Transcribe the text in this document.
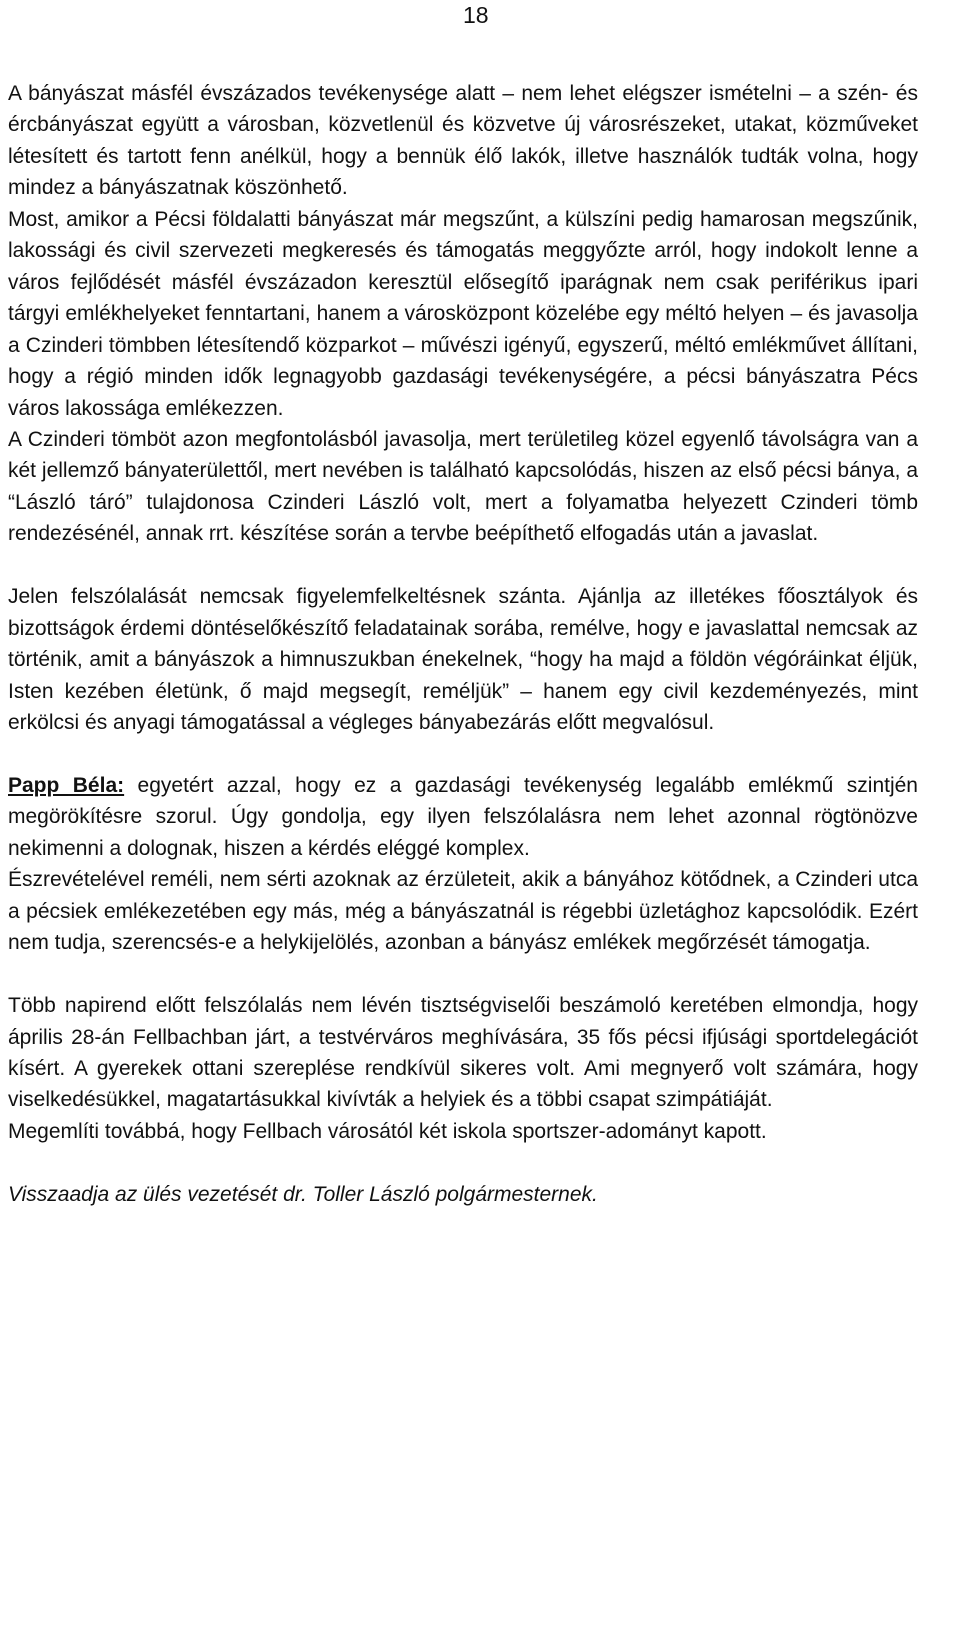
18

A bányászat másfél évszázados tevékenysége alatt – nem lehet elégszer ismételni – a szén- és ércbányászat együtt a városban, közvetlenül és közvetve új városrészeket, utakat, közműveket létesített és tartott fenn anélkül, hogy a bennük élő lakók, illetve használók tudták volna, hogy mindez a bányászatnak köszönhető.

Most, amikor a Pécsi földalatti bányászat már megszűnt, a külszíni pedig hamarosan megszűnik, lakossági és civil szervezeti megkeresés és támogatás meggyőzte arról, hogy indokolt lenne a város fejlődését másfél évszázadon keresztül elősegítő iparágnak nem csak periférikus ipari tárgyi emlékhelyeket fenntartani, hanem a városközpont közelébe egy méltó helyen – és javasolja a Czinderi tömbben létesítendő közparkot – művészi igényű, egyszerű, méltó emlékművet állítani, hogy a régió minden idők legnagyobb gazdasági tevékenységére, a pécsi bányászatra Pécs város lakossága emlékezzen.

A Czinderi tömböt azon megfontolásból javasolja, mert területileg közel egyenlő távolságra van a két jellemző bányaterülettől, mert nevében is található kapcsolódás, hiszen az első pécsi bánya, a “László táró” tulajdonosa Czinderi László volt, mert a folyamatba helyezett Czinderi tömb rendezésénél, annak rrt. készítése során a tervbe beépíthető elfogadás után a javaslat.

Jelen felszólalását nemcsak figyelemfelkeltésnek szánta. Ajánlja az illetékes főosztályok és bizottságok érdemi döntéselőkészítő feladatainak sorába, remélve, hogy e javaslattal nemcsak az történik, amit a bányászok a himnuszukban énekelnek, “hogy ha majd a földön végóráinkat éljük, Isten kezében életünk, ő majd megsegít, reméljük” – hanem egy civil kezdeményezés, mint erkölcsi és anyagi támogatással a végleges bányabezárás előtt megvalósul.

Papp Béla: egyetért azzal, hogy ez a gazdasági tevékenység legalább emlékmű szintjén megörökítésre szorul. Úgy gondolja, egy ilyen felszólalásra nem lehet azonnal rögtönözve nekimenni a dolognak, hiszen a kérdés eléggé komplex.

Észrevételével reméli, nem sérti azoknak az érzületeit, akik a bányához kötődnek, a Czinderi utca a pécsiek emlékezetében egy más, még a bányászatnál is régebbi üzletághoz kapcsolódik. Ezért nem tudja, szerencsés-e a helykijelölés, azonban a bányász emlékek megőrzését támogatja.

Több napirend előtt felszólalás nem lévén tisztségviselői beszámoló keretében elmondja, hogy április 28-án Fellbachban járt, a testvérváros meghívására, 35 fős pécsi ifjúsági sportdelegációt kísért. A gyerekek ottani szereplése rendkívül sikeres volt. Ami megnyerő volt számára, hogy viselkedésükkel, magatartásukkal kivívták a helyiek és a többi csapat szimpátiáját.

Megemlíti továbbá, hogy Fellbach városától két iskola sportszer-adományt kapott.

Visszaadja az ülés vezetését dr. Toller László polgármesternek.
